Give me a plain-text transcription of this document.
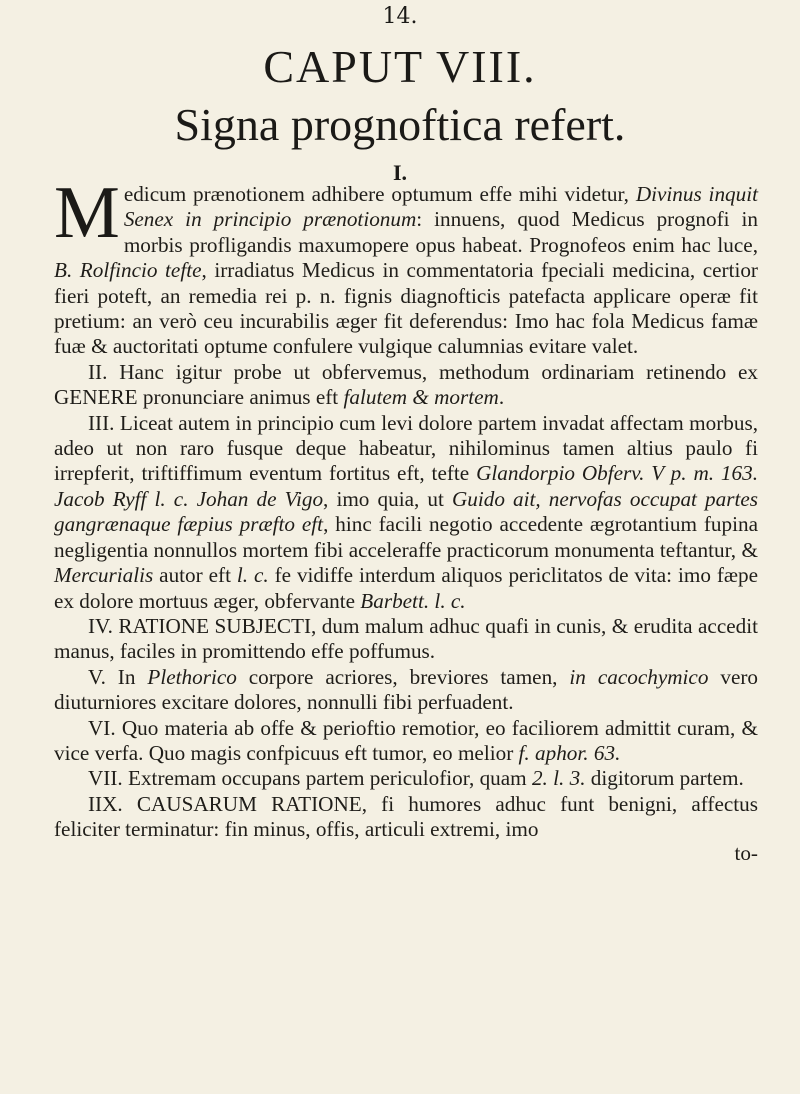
14.
CAPUT VIII.
Signa prognoftica refert.
I.

Medicum prænotionem adhibere optumum effe mihi videtur, Divinus inquit Senex in principio prænotionum: innuens, quod Medicus prognofi in morbis profligandis maxumopere opus habeat. Prognofeos enim hac luce, B. Rolfincio tefte, irradiatus Medicus in commentatoria fpeciali medicina, certior fieri poteft, an remedia rei p. n. fignis diagnofticis patefacta applicare operæ fit pretium: an verò ceu incurabilis æger fit deferendus: Imo hac fola Medicus famæ fuæ & auctoritati optume confulere vulgique calumnias evitare valet.

II. Hanc igitur probe ut obfervemus, methodum ordinariam retinendo ex GENERE pronunciare animus eft falutem & mortem.

III. Liceat autem in principio cum levi dolore partem invadat affectam morbus, adeo ut non raro fusque deque habeatur, nihilominus tamen altius paulo fi irrepferit, triftiffimum eventum fortitus eft, tefte Glandorpio Obferv. V p. m. 163. Jacob Ryff l. c. Johan de Vigo, imo quia, ut Guido ait, nervofas occupat partes gangrænaque fæpius præfto eft, hinc facili negotio accedente ægrotantium fupina negligentia nonnullos mortem fibi acceleraffe practicorum monumenta teftantur, & Mercurialis autor eft l. c. fe vidiffe interdum aliquos periclitatos de vita: imo fæpe ex dolore mortuus æger, obfervante Barbett. l. c.

IV. RATIONE SUBJECTI, dum malum adhuc quafi in cunis, & erudita accedit manus, faciles in promittendo effe poffumus.

V. In Plethorico corpore acriores, breviores tamen, in cacochymico vero diuturniores excitare dolores, nonnulli fibi perfuadent.

VI. Quo materia ab offe & perioftio remotior, eo faciliorem admittit curam, & vice verfa. Quo magis confpicuus eft tumor, eo melior f. aphor. 63.

VII. Extremam occupans partem periculofior, quam 2. l. 3. digitorum partem.

IIX. CAUSARUM RATIONE, fi humores adhuc funt benigni, affectus feliciter terminatur: fin minus, offis, articuli extremi, imo

to-
